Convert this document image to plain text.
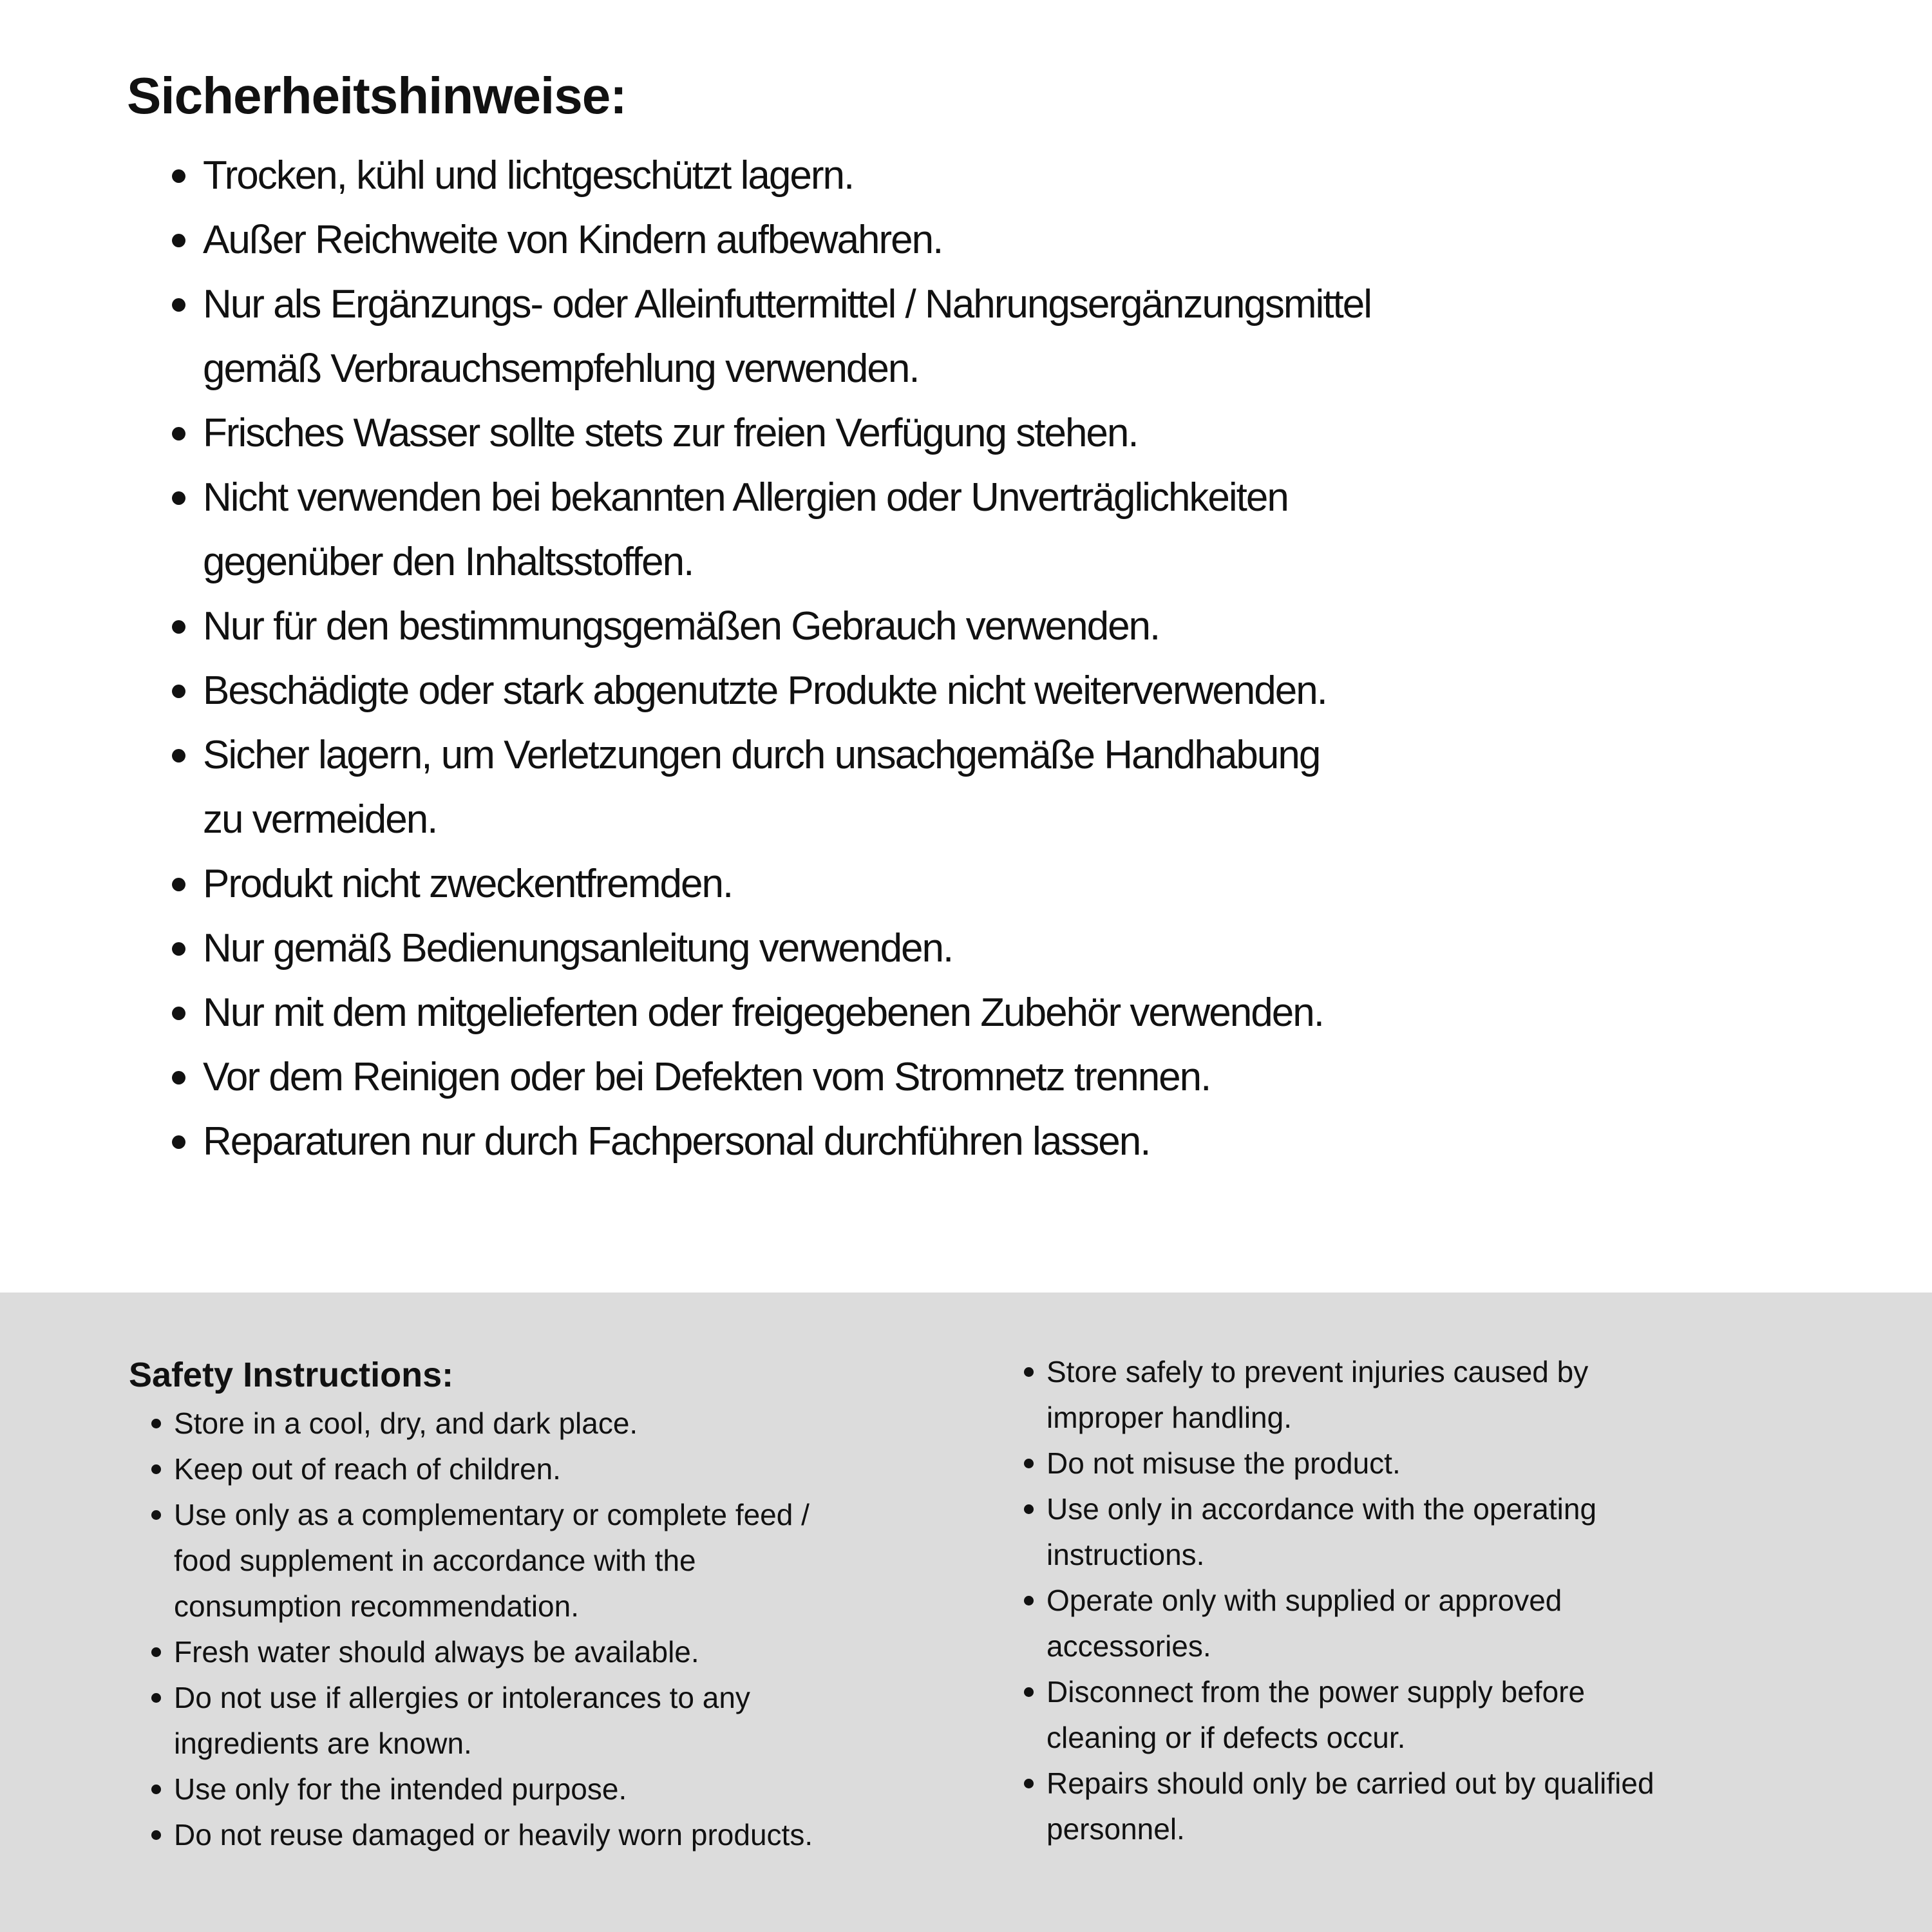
Sicherheitshinweise:
Trocken, kühl und lichtgeschützt lagern.
Außer Reichweite von Kindern aufbewahren.
Nur als Ergänzungs- oder Alleinfuttermittel / Nahrungsergänzungsmittel
gemäß Verbrauchsempfehlung verwenden.
Frisches Wasser sollte stets zur freien Verfügung stehen.
Nicht verwenden bei bekannten Allergien oder Unverträglichkeiten
gegenüber den Inhaltsstoffen.
Nur für den bestimmungsgemäßen Gebrauch verwenden.
Beschädigte oder stark abgenutzte Produkte nicht weiterverwenden.
Sicher lagern, um Verletzungen durch unsachgemäße Handhabung
zu vermeiden.
Produkt nicht zweckentfremden.
Nur gemäß Bedienungsanleitung verwenden.
Nur mit dem mitgelieferten oder freigegebenen Zubehör verwenden.
Vor dem Reinigen oder bei Defekten vom Stromnetz trennen.
Reparaturen nur durch Fachpersonal durchführen lassen.
Safety Instructions:
Store in a cool, dry, and dark place.
Keep out of reach of children.
Use only as a complementary or complete feed /
food supplement in accordance with the
consumption recommendation.
Fresh water should always be available.
Do not use if allergies or intolerances to any
ingredients are known.
Use only for the intended purpose.
Do not reuse damaged or heavily worn products.
Store safely to prevent injuries caused by
improper handling.
Do not misuse the product.
Use only in accordance with the operating
instructions.
Operate only with supplied or approved
accessories.
Disconnect from the power supply before
cleaning or if defects occur.
Repairs should only be carried out by qualified
personnel.
